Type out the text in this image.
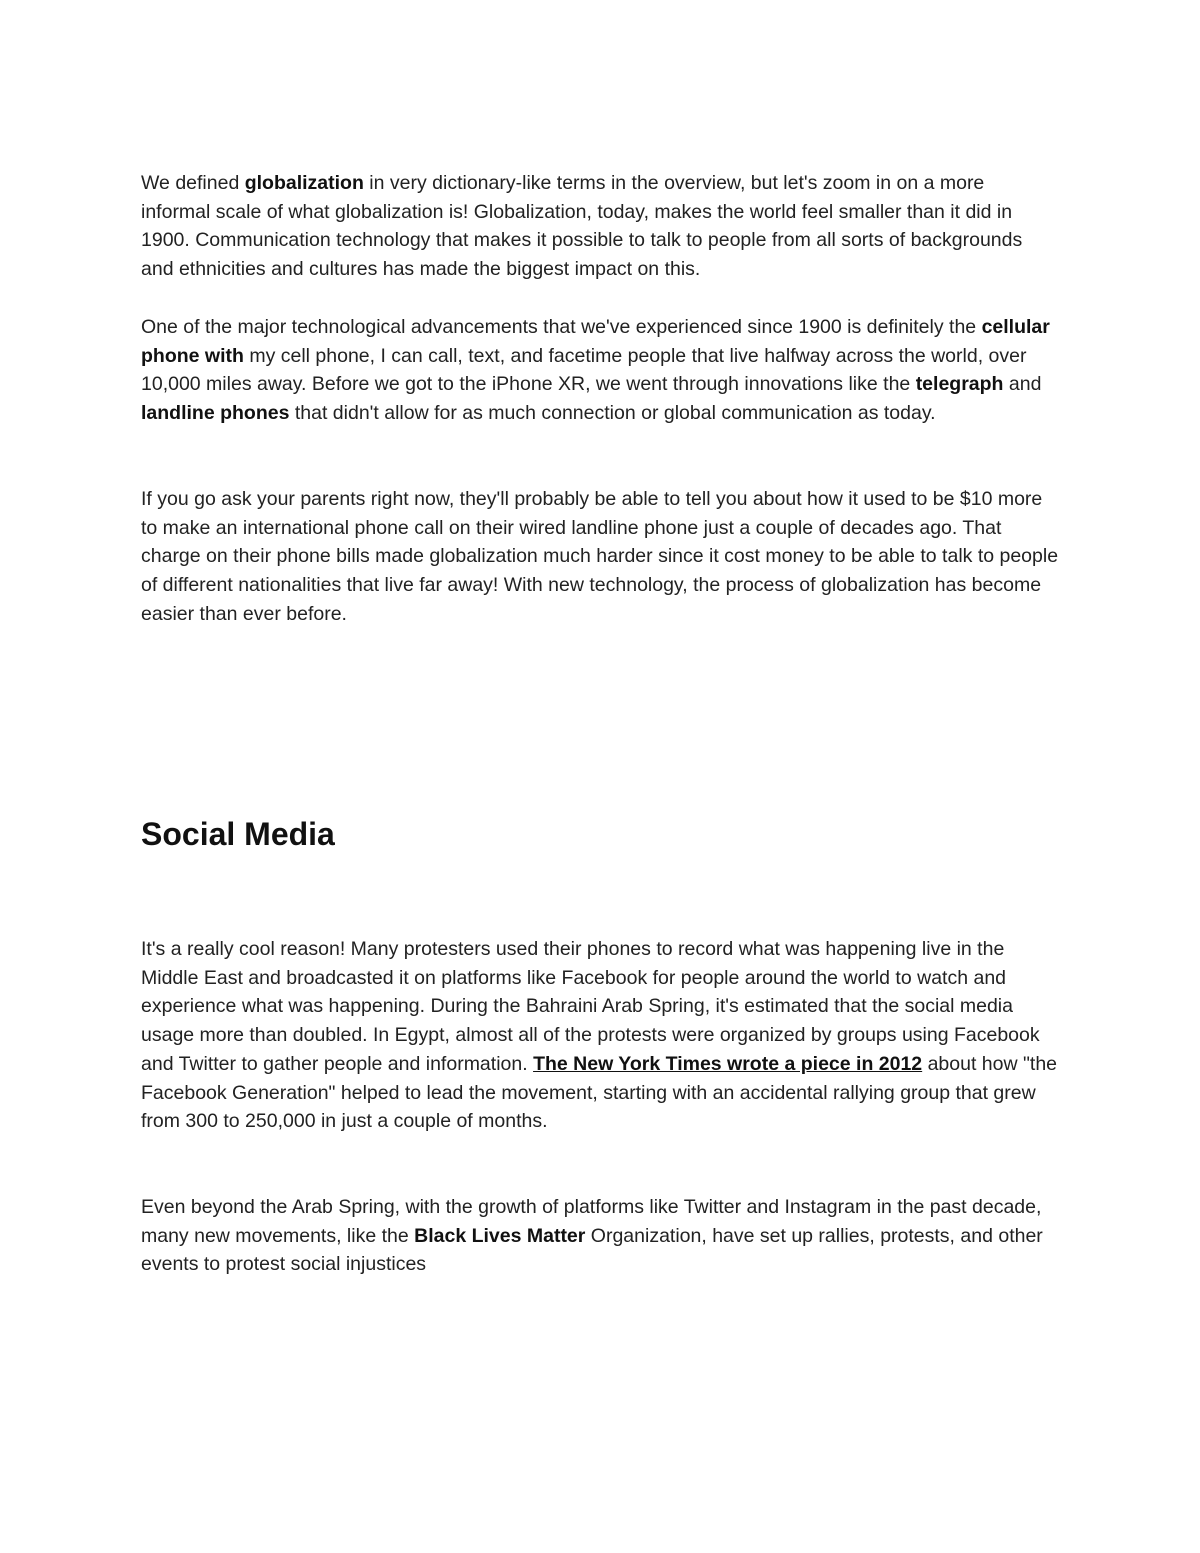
We defined globalization in very dictionary-like terms in the overview, but let's zoom in on a more informal scale of what globalization is! Globalization, today, makes the world feel smaller than it did in 1900. Communication technology that makes it possible to talk to people from all sorts of backgrounds and ethnicities and cultures has made the biggest impact on this.

One of the major technological advancements that we've experienced since 1900 is definitely the cellular phone with my cell phone, I can call, text, and facetime people that live halfway across the world, over 10,000 miles away. Before we got to the iPhone XR, we went through innovations like the telegraph and landline phones that didn't allow for as much connection or global communication as today.

If you go ask your parents right now, they'll probably be able to tell you about how it used to be $10 more to make an international phone call on their wired landline phone just a couple of decades ago. That charge on their phone bills made globalization much harder since it cost money to be able to talk to people of different nationalities that live far away! With new technology, the process of globalization has become easier than ever before.

Social Media

It's a really cool reason! Many protesters used their phones to record what was happening live in the Middle East and broadcasted it on platforms like Facebook for people around the world to watch and experience what was happening. During the Bahraini Arab Spring, it's estimated that the social media usage more than doubled. In Egypt, almost all of the protests were organized by groups using Facebook and Twitter to gather people and information. The New York Times wrote a piece in 2012 about how "the Facebook Generation" helped to lead the movement, starting with an accidental rallying group that grew from 300 to 250,000 in just a couple of months.

Even beyond the Arab Spring, with the growth of platforms like Twitter and Instagram in the past decade, many new movements, like the Black Lives Matter Organization, have set up rallies, protests, and other events to protest social injustices
